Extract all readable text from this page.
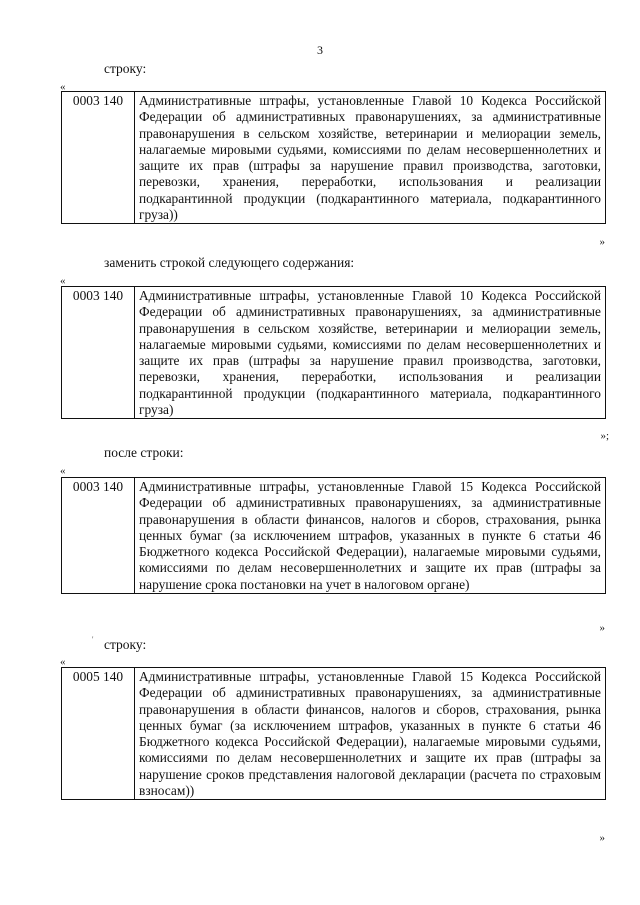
3
строку:
«
0003 140	Административные штрафы, установленные Главой 10 Кодекса Российской Федерации об административных правонарушениях, за административные правонарушения в сельском хозяйстве, ветеринарии и мелиорации земель, налагаемые мировыми судьями, комиссиями по делам несовершеннолетних и защите их прав (штрафы за нарушение правил производства, заготовки, перевозки, хранения, переработки, использования и реализации подкарантинной продукции (подкарантинного материала, подкарантинного груза))
»
заменить строкой следующего содержания:
«
0003 140	Административные штрафы, установленные Главой 10 Кодекса Российской Федерации об административных правонарушениях, за административные правонарушения в сельском хозяйстве, ветеринарии и мелиорации земель, налагаемые мировыми судьями, комиссиями по делам несовершеннолетних и защите их прав (штрафы за нарушение правил производства, заготовки, перевозки, хранения, переработки, использования и реализации подкарантинной продукции (подкарантинного материала, подкарантинного груза)
»;
после строки:
«
0003 140	Административные штрафы, установленные Главой 15 Кодекса Российской Федерации об административных правонарушениях, за административные правонарушения в области финансов, налогов и сборов, страхования, рынка ценных бумаг (за исключением штрафов, указанных в пункте 6 статьи 46 Бюджетного кодекса Российской Федерации), налагаемые мировыми судьями, комиссиями по делам несовершеннолетних и защите их прав (штрафы за нарушение срока постановки на учет в налоговом органе)
»
' строку:
«
0005 140	Административные штрафы, установленные Главой 15 Кодекса Российской Федерации об административных правонарушениях, за административные правонарушения в области финансов, налогов и сборов, страхования, рынка ценных бумаг (за исключением штрафов, указанных в пункте 6 статьи 46 Бюджетного кодекса Российской Федерации), налагаемые мировыми судьями, комиссиями по делам несовершеннолетних и защите их прав (штрафы за нарушение сроков представления налоговой декларации (расчета по страховым взносам))
»
